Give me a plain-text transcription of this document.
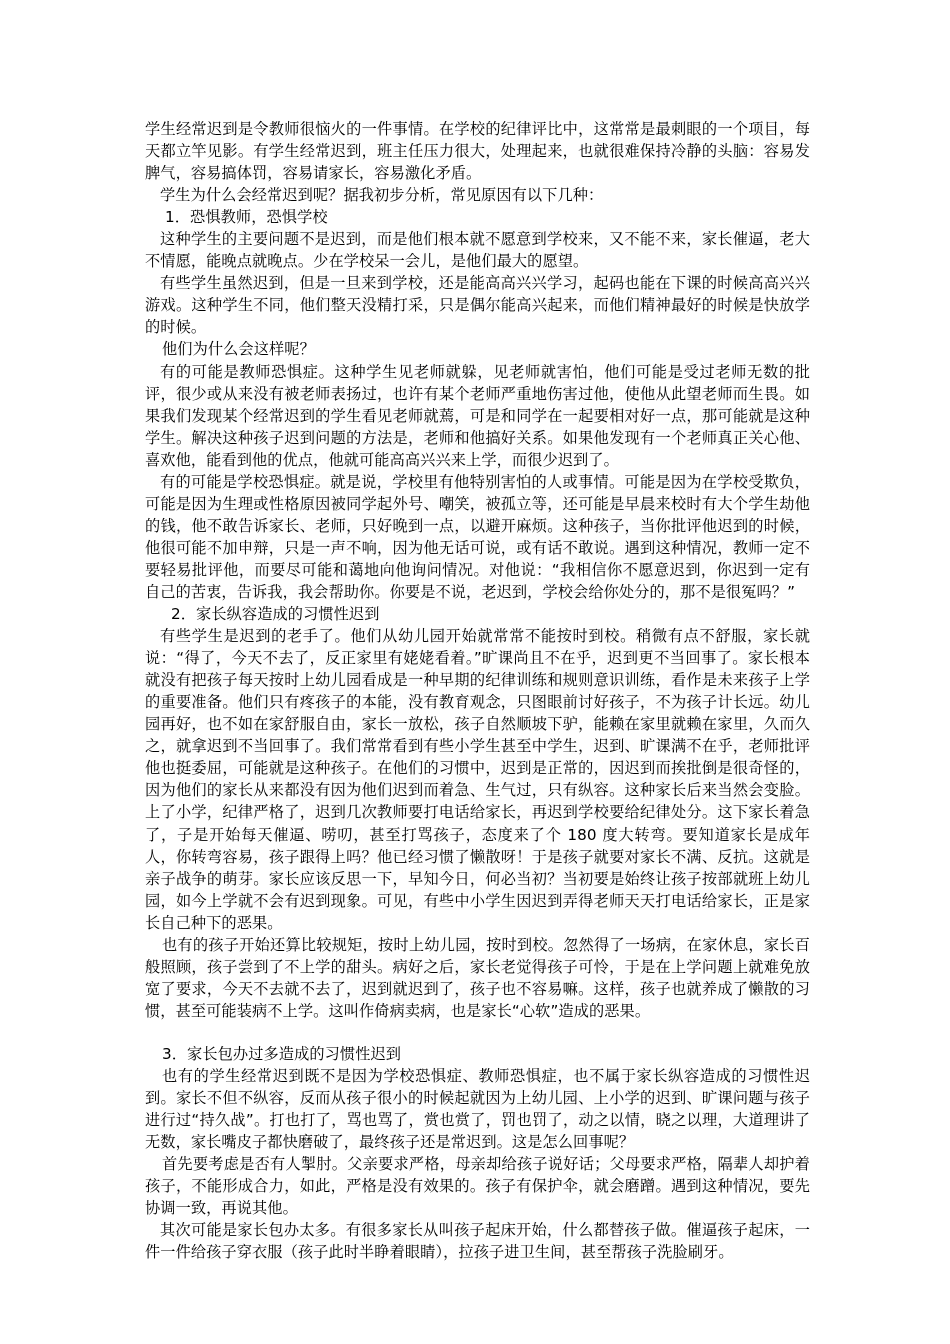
学生经常迟到是令教师很恼火的一件事情。在学校的纪律评比中，这常常是最刺眼的一个项目，每天都立竿见影。有学生经常迟到，班主任压力很大，处理起来，也就很难保持冷静的头脑：容易发脾气，容易搞体罚，容易请家长，容易激化矛盾。

学生为什么会经常迟到呢？据我初步分析，常见原因有以下几种：

1．恐惧教师，恐惧学校

这种学生的主要问题不是迟到，而是他们根本就不愿意到学校来，又不能不来，家长催逼，老大不情愿，能晚点就晚点。少在学校呆一会儿，是他们最大的愿望。

有些学生虽然迟到，但是一旦来到学校，还是能高高兴兴学习，起码也能在下课的时候高高兴兴游戏。这种学生不同，他们整天没精打采，只是偶尔能高兴起来，而他们精神最好的时候是快放学的时候。

他们为什么会这样呢？

有的可能是教师恐惧症。这种学生见老师就躲，见老师就害怕，他们可能是受过老师无数的批评，很少或从来没有被老师表扬过，也许有某个老师严重地伤害过他，使他从此望老师而生畏。如果我们发现某个经常迟到的学生看见老师就蔫，可是和同学在一起要相对好一点，那可能就是这种学生。解决这种孩子迟到问题的方法是，老师和他搞好关系。如果他发现有一个老师真正关心他、喜欢他，能看到他的优点，他就可能高高兴兴来上学，而很少迟到了。

有的可能是学校恐惧症。就是说，学校里有他特别害怕的人或事情。可能是因为在学校受欺负，可能是因为生理或性格原因被同学起外号、嘲笑，被孤立等，还可能是早晨来校时有大个学生劫他的钱，他不敢告诉家长、老师，只好晚到一点，以避开麻烦。这种孩子，当你批评他迟到的时候，他很可能不加申辩，只是一声不响，因为他无话可说，或有话不敢说。遇到这种情况，教师一定不要轻易批评他，而要尽可能和蔼地向他询问情况。对他说：“我相信你不愿意迟到，你迟到一定有自己的苦衷，告诉我，我会帮助你。你要是不说，老迟到，学校会给你处分的，那不是很冤吗？”

2．家长纵容造成的习惯性迟到

有些学生是迟到的老手了。他们从幼儿园开始就常常不能按时到校。稍微有点不舒服，家长就说：“得了，今天不去了，反正家里有姥姥看着。”旷课尚且不在乎，迟到更不当回事了。家长根本就没有把孩子每天按时上幼儿园看成是一种早期的纪律训练和规则意识训练，看作是未来孩子上学的重要准备。他们只有疼孩子的本能，没有教育观念，只图眼前讨好孩子，不为孩子计长远。幼儿园再好，也不如在家舒服自由，家长一放松，孩子自然顺坡下驴，能赖在家里就赖在家里，久而久之，就拿迟到不当回事了。我们常常看到有些小学生甚至中学生，迟到、旷课满不在乎，老师批评他也挺委屈，可能就是这种孩子。在他们的习惯中，迟到是正常的，因迟到而挨批倒是很奇怪的，因为他们的家长从来都没有因为他们迟到而着急、生气过，只有纵容。这种家长后来当然会变脸。上了小学，纪律严格了，迟到几次教师要打电话给家长，再迟到学校要给纪律处分。这下家长着急了，子是开始每天催逼、唠叨，甚至打骂孩子，态度来了个 180 度大转弯。要知道家长是成年人，你转弯容易，孩子跟得上吗？他已经习惯了懒散呀！于是孩子就要对家长不满、反抗。这就是亲子战争的萌芽。家长应该反思一下，早知今日，何必当初？当初要是始终让孩子按部就班上幼儿园，如今上学就不会有迟到现象。可见，有些中小学生因迟到弄得老师天天打电话给家长，正是家长自己种下的恶果。

也有的孩子开始还算比较规矩，按时上幼儿园，按时到校。忽然得了一场病，在家休息，家长百般照顾，孩子尝到了不上学的甜头。病好之后，家长老觉得孩子可怜，于是在上学问题上就难免放宽了要求，今天不去就不去了，迟到就迟到了，孩子也不容易嘛。这样，孩子也就养成了懒散的习惯，甚至可能装病不上学。这叫作倚病卖病，也是家长“心软”造成的恶果。

3．家长包办过多造成的习惯性迟到

也有的学生经常迟到既不是因为学校恐惧症、教师恐惧症，也不属于家长纵容造成的习惯性迟到。家长不但不纵容，反而从孩子很小的时候起就因为上幼儿园、上小学的迟到、旷课问题与孩子进行过“持久战”。打也打了，骂也骂了，赏也赏了，罚也罚了，动之以情，晓之以理，大道理讲了无数，家长嘴皮子都快磨破了，最终孩子还是常迟到。这是怎么回事呢？

首先要考虑是否有人掣肘。父亲要求严格，母亲却给孩子说好话；父母要求严格，隔辈人却护着孩子，不能形成合力，如此，严格是没有效果的。孩子有保护伞，就会磨蹭。遇到这种情况，要先协调一致，再说其他。

其次可能是家长包办太多。有很多家长从叫孩子起床开始，什么都替孩子做。催逼孩子起床，一件一件给孩子穿衣服（孩子此时半睁着眼睛），拉孩子进卫生间，甚至帮孩子洗脸刷牙。
